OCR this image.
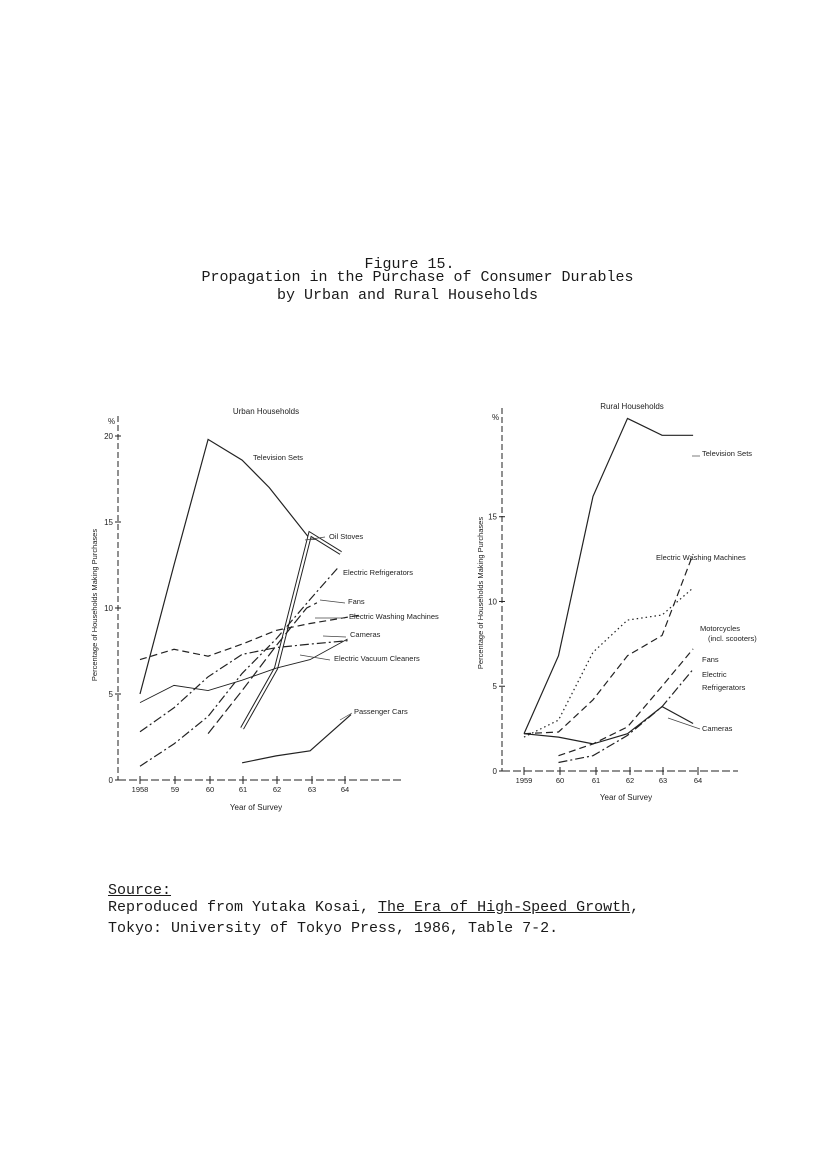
Figure 15.
Propagation in the Purchase of Consumer Durables
by Urban and Rural Households
Urban Households
%
0
5
10
15
20
1958	59	60	61	62	63	64
Year of Survey
Percentage of Households Making Purchases
Television Sets
Oil Stoves
Electric Refrigerators
Fans
Electric Washing Machines
Cameras
Electric Vacuum Cleaners
Passenger Cars
Rural Households
%
0
5
10
15
1959	60	61	62	63	64
Year of Survey
Percentage of Households Making Purchases
Television Sets
Electric Washing Machines
Motorcycles
(incl. scooters)
Fans
Electric
Refrigerators
Cameras
Source:
Reproduced from Yutaka Kosai, The Era of High-Speed Growth,
Tokyo: University of Tokyo Press, 1986, Table 7-2.
